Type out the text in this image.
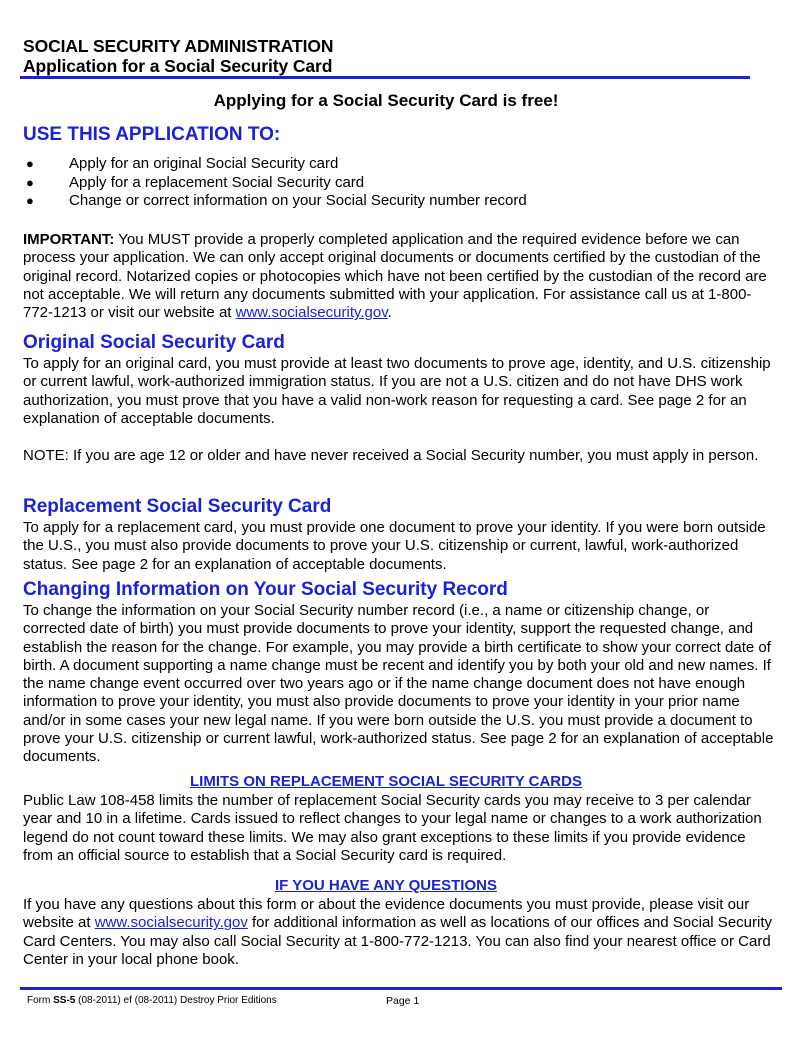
SOCIAL SECURITY ADMINISTRATION
Application for a Social Security Card
Applying for a Social Security Card is free!
USE THIS APPLICATION TO:
● Apply for an original Social Security card
● Apply for a replacement Social Security card
● Change or correct information on your Social Security number record

IMPORTANT: You MUST provide a properly completed application and the required evidence before we can process your application. We can only accept original documents or documents certified by the custodian of the original record. Notarized copies or photocopies which have not been certified by the custodian of the record are not acceptable. We will return any documents submitted with your application. For assistance call us at 1-800-772-1213 or visit our website at www.socialsecurity.gov.

Original Social Security Card

To apply for an original card, you must provide at least two documents to prove age, identity, and U.S. citizenship or current lawful, work-authorized immigration status. If you are not a U.S. citizen and do not have DHS work authorization, you must prove that you have a valid non-work reason for requesting a card. See page 2 for an explanation of acceptable documents.

NOTE: If you are age 12 or older and have never received a Social Security number, you must apply in person.

Replacement Social Security Card

To apply for a replacement card, you must provide one document to prove your identity. If you were born outside the U.S., you must also provide documents to prove your U.S. citizenship or current, lawful, work-authorized status. See page 2 for an explanation of acceptable documents.

Changing Information on Your Social Security Record

To change the information on your Social Security number record (i.e., a name or citizenship change, or corrected date of birth) you must provide documents to prove your identity, support the requested change, and establish the reason for the change. For example, you may provide a birth certificate to show your correct date of birth. A document supporting a name change must be recent and identify you by both your old and new names. If the name change event occurred over two years ago or if the name change document does not have enough information to prove your identity, you must also provide documents to prove your identity in your prior name and/or in some cases your new legal name. If you were born outside the U.S. you must provide a document to prove your U.S. citizenship or current lawful, work-authorized status. See page 2 for an explanation of acceptable documents.

LIMITS ON REPLACEMENT SOCIAL SECURITY CARDS

Public Law 108-458 limits the number of replacement Social Security cards you may receive to 3 per calendar year and 10 in a lifetime. Cards issued to reflect changes to your legal name or changes to a work authorization legend do not count toward these limits. We may also grant exceptions to these limits if you provide evidence from an official source to establish that a Social Security card is required.

IF YOU HAVE ANY QUESTIONS

If you have any questions about this form or about the evidence documents you must provide, please visit our website at www.socialsecurity.gov for additional information as well as locations of our offices and Social Security Card Centers. You may also call Social Security at 1-800-772-1213. You can also find your nearest office or Card Center in your local phone book.

Form SS-5 (08-2011) ef (08-2011) Destroy Prior Editions	Page 1
